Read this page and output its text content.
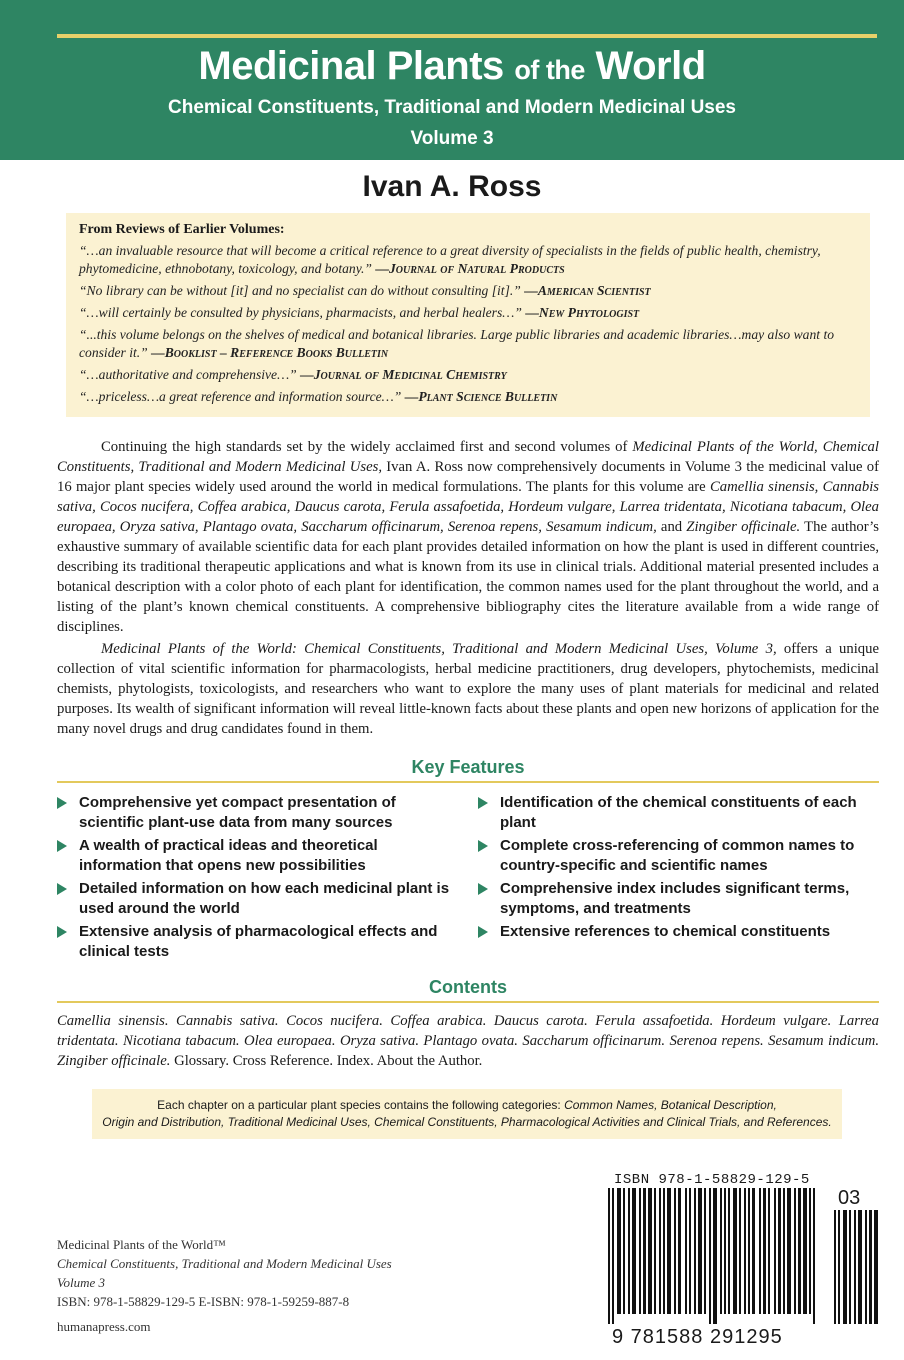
Medicinal Plants of the World
Chemical Constituents, Traditional and Modern Medicinal Uses
Volume 3
Ivan A. Ross
From Reviews of Earlier Volumes:
“…an invaluable resource that will become a critical reference to a great diversity of specialists in the fields of public health, chemistry, phytomedicine, ethnobotany, toxicology, and botany.” —Journal of Natural Products
“No library can be without [it] and no specialist can do without consulting [it].” —American Scientist
“…will certainly be consulted by physicians, pharmacists, and herbal healers…” —New Phytologist
“...this volume belongs on the shelves of medical and botanical libraries. Large public libraries and academic libraries…may also want to consider it.” —Booklist – Reference Books Bulletin
“…authoritative and comprehensive…” —Journal of Medicinal Chemistry
“…priceless…a great reference and information source…” —Plant Science Bulletin

Continuing the high standards set by the widely acclaimed first and second volumes of Medicinal Plants of the World, Chemical Constituents, Traditional and Modern Medicinal Uses, Ivan A. Ross now comprehensively documents in Volume 3 the medicinal value of 16 major plant species widely used around the world in medical formulations. The plants for this volume are Camellia sinensis, Cannabis sativa, Cocos nucifera, Coffea arabica, Daucus carota, Ferula assafoetida, Hordeum vulgare, Larrea tridentata, Nicotiana tabacum, Olea europaea, Oryza sativa, Plantago ovata, Saccharum officinarum, Serenoa repens, Sesamum indicum, and Zingiber officinale. The author’s exhaustive summary of available scientific data for each plant provides detailed information on how the plant is used in different countries, describing its traditional therapeutic applications and what is known from its use in clinical trials. Additional material presented includes a botanical description with a color photo of each plant for identification, the common names used for the plant throughout the world, and a listing of the plant’s known chemical constituents. A comprehensive bibliography cites the literature available from a wide range of disciplines.

Medicinal Plants of the World: Chemical Constituents, Traditional and Modern Medicinal Uses, Volume 3, offers a unique collection of vital scientific information for pharmacologists, herbal medicine practitioners, drug developers, phytochemists, medicinal chemists, phytologists, toxicologists, and researchers who want to explore the many uses of plant materials for medicinal and related purposes. Its wealth of significant information will reveal little-known facts about these plants and open new horizons of application for the many novel drugs and drug candidates found in them.

Key Features
Comprehensive yet compact presentation of scientific plant-use data from many sources
A wealth of practical ideas and theoretical information that opens new possibilities
Detailed information on how each medicinal plant is used around the world
Extensive analysis of pharmacological effects and clinical tests
Identification of the chemical constituents of each plant
Complete cross-referencing of common names to country-specific and scientific names
Comprehensive index includes significant terms, symptoms, and treatments
Extensive references to chemical constituents
Contents
Camellia sinensis. Cannabis sativa. Cocos nucifera. Coffea arabica. Daucus carota. Ferula assafoetida. Hordeum vulgare. Larrea tridentata. Nicotiana tabacum. Olea europaea. Oryza sativa. Plantago ovata. Saccharum officinarum. Serenoa repens. Sesamum indicum. Zingiber officinale. Glossary. Cross Reference. Index. About the Author.
Each chapter on a particular plant species contains the following categories: Common Names, Botanical Description,
Origin and Distribution, Traditional Medicinal Uses, Chemical Constituents, Pharmacological Activities and Clinical Trials, and References.
Medicinal Plants of the World™
Chemical Constituents, Traditional and Modern Medicinal Uses
Volume 3
ISBN: 978-1-58829-129-5 E-ISBN: 978-1-59259-887-8
humanapress.com
ISBN 978-1-58829-129-5
9 781588 291295
03
